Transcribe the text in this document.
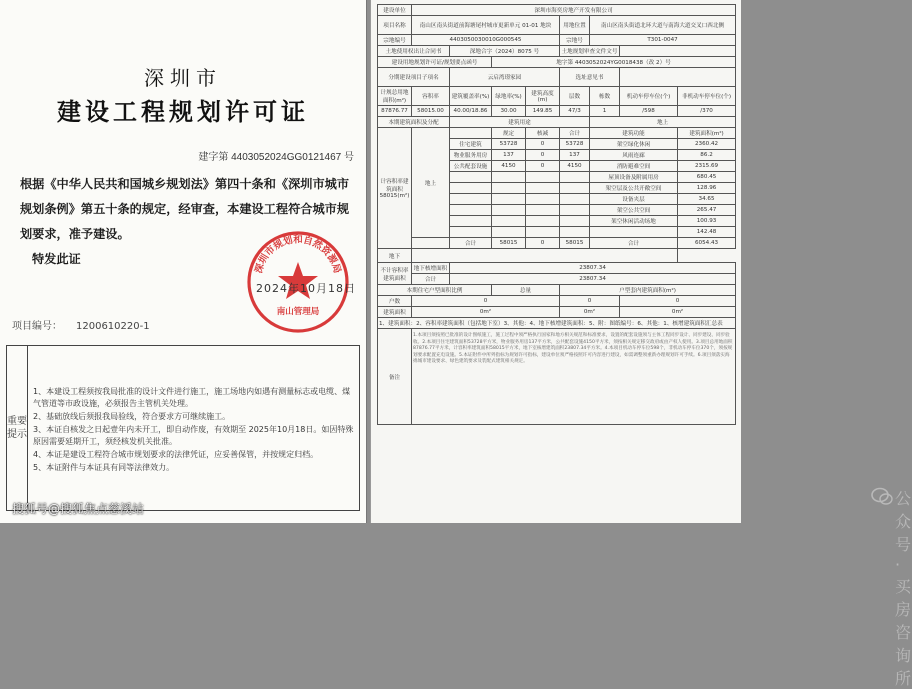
深圳市
建设工程规划许可证
建字第 4403052024GG0121467 号
根据《中华人民共和国城乡规划法》第四十条和《深圳市城市规划条例》第五十条的规定，经审查，本建设工程符合城市规划要求，准予建设。
特发此证
深圳市规划和自然资源局
南山管理局
2024年10月18日
项目编号： 1200610220-1
重要提示
1、本建设工程须按我局批准的设计文件进行施工，施工场地内如遇有测量标志或电缆、煤气管道等市政设施，必须报告主管机关处理。
2、基础放线后须报我局验线，符合要求方可继续施工。
3、本证自核发之日起壹年内未开工，即自动作废，有效期至 2025年10月18日。如因特殊原因需要延期开工，须经核发机关批准。
4、本证是建设工程符合城市规划要求的法律凭证，应妥善保管，并按规定归档。
5、本证附件与本证具有同等法律效力。
搜狐号@搜狐焦点慈溪站
建设单位	深圳市海奕房地产开发有限公司							
项目名称	南山区南头街道前海塘尾村城市更新单元 01-01 地块				用地位置	南山区南头街道北环大道与南海大道交叉口西北侧		
宗地编号	4403050030010G000545				宗地号	T301-0047		
土地使用权出让合同书		深地合字（2024）8075 号			土地规划审查文件文号			
建设用地规划许可证/规划要点函号			地字第 4403052024YG0018438（改 2）号					
分期建设项目子项名		云启湾璟家园			选址意见书			
计规总用地面积(m²)	容积率	建筑覆盖率(%)	绿地率(%)	建筑高度(m)	层数	栋数	机动车停车位(个)	非机动车停车位(个)
87876.77	58015.00	40.00/18.86	30.00	149.85	47/3	1	/598	/370
本期建筑面积及分配		建筑用途				地上		
计容积率建筑面积 58015(m²)	地上		规定	核减	合计	建筑功能		建筑面积(m²)
		住宅建筑	53728	0	53728	架空绿化休闲		2360.42
		物业服务用房	137	0	137	风雨连廊		86.2
		公共配套设施	4150	0	4150	消防避难空间		2315.69
						屋顶设备及附属用房		680.45
						架空层及公共开敞空间		128.96
						设备夹层		34.65
						架空公共空间		265.47
						架空休闲活动场地		100.93
								142.48
		合计	58015	0	58015	合计		6054.43
地下								
不计容积率建筑面积	地下核增面积	23807.34						
	合计	23807.34						
本期住宅户型面积比例			总量		户型套内建筑面积(m²)			
户数	0				0		0	
建筑面积	0m²				0m²		0m²	
1、建筑面积：2、容积率建筑面积（包括地下室）3、其他：4、地下核增建筑面积：5、附：图纸编号：6、其他：1、核增建筑面积汇总表								
备注	1.本项目须按照已批准的设计图纸施工，施工过程中须严格执行国家和地方相关规范和标准要求，设置的配套设施须与主体工程同步设计、同步建设、同步验收。2.本项目住宅建筑面积53728平方米，物业服务用房137平方米，公共配套设施4150平方米，须按相关规定移交政府或由产权人使用。3.项目总用地面积87876.77平方米，计容积率建筑面积58015平方米，地下室核增建筑面积23807.34平方米。4.本项目机动车停车位598个，非机动车停车位370个，须按规划要求配置充电设施。5.本证附件中所列指标为规划许可指标，建设单位须严格按照许可内容进行建设，如需调整须重新办理规划许可手续。6.项目须落实海绵城市建设要求、绿色建筑要求及装配式建筑相关规定。							
公众号 · 买房咨询所
